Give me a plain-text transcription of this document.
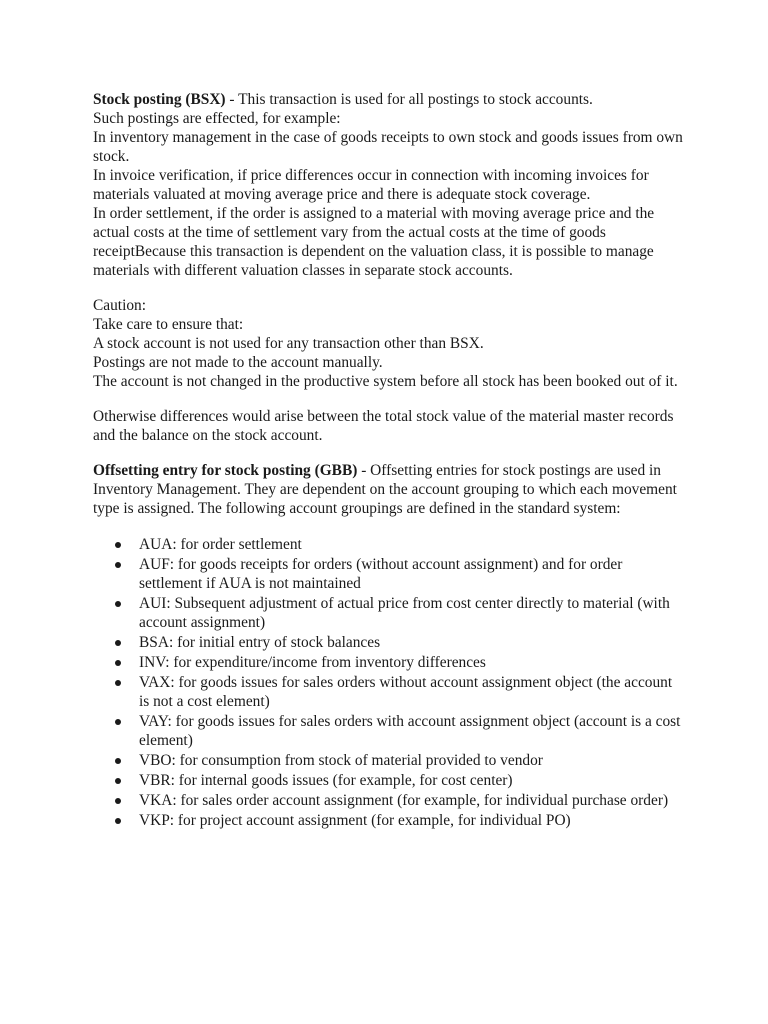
Stock posting (BSX) - This transaction is used for all postings to stock accounts.

Such postings are effected, for example:

In inventory management in the case of goods receipts to own stock and goods issues from own stock.

In invoice verification, if price differences occur in connection with incoming invoices for materials valuated at moving average price and there is adequate stock coverage.

In order settlement, if the order is assigned to a material with moving average price and the actual costs at the time of settlement vary from the actual costs at the time of goods receiptBecause this transaction is dependent on the valuation class, it is possible to manage materials with different valuation classes in separate stock accounts.

Caution:

Take care to ensure that:

A stock account is not used for any transaction other than BSX.

Postings are not made to the account manually.

The account is not changed in the productive system before all stock has been booked out of it.

Otherwise differences would arise between the total stock value of the material master records and the balance on the stock account.

Offsetting entry for stock posting (GBB) - Offsetting entries for stock postings are used in Inventory Management. They are dependent on the account grouping to which each movement type is assigned. The following account groupings are defined in the standard system:

AUA: for order settlement
AUF: for goods receipts for orders (without account assignment) and for order settlement if AUA is not maintained
AUI: Subsequent adjustment of actual price from cost center directly to material (with account assignment)
BSA: for initial entry of stock balances
INV: for expenditure/income from inventory differences
VAX: for goods issues for sales orders without account assignment object (the account is not a cost element)
VAY: for goods issues for sales orders with account assignment object (account is a cost element)
VBO: for consumption from stock of material provided to vendor
VBR: for internal goods issues (for example, for cost center)
VKA: for sales order account assignment (for example, for individual purchase order)
VKP: for project account assignment (for example, for individual PO)
